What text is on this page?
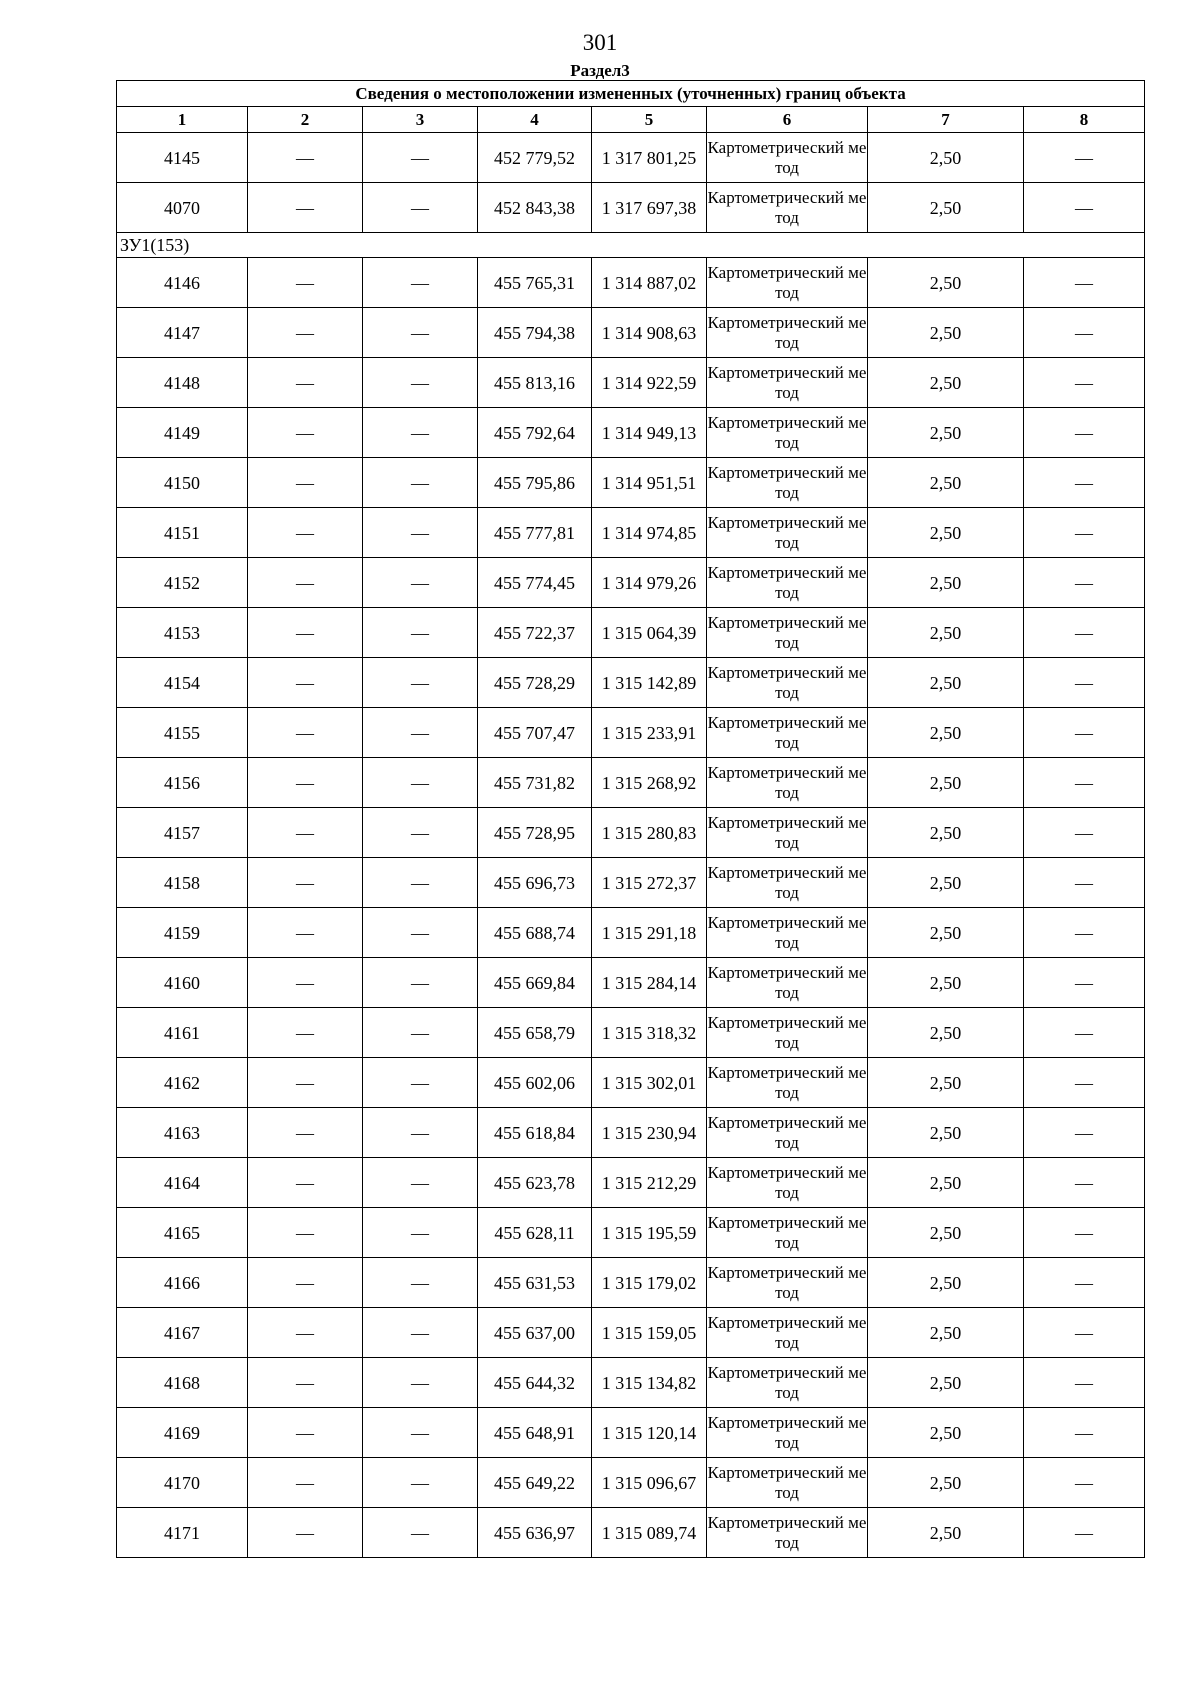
301
Раздел3
Сведения о местоположении измененных (уточненных) границ объекта							
1	2	3	4	5	6	7	8
4145	—	—	452 779,52	1 317 801,25	Картометрический метод	2,50	—
4070	—	—	452 843,38	1 317 697,38	Картометрический метод	2,50	—
ЗУ1(153)							
4146	—	—	455 765,31	1 314 887,02	Картометрический метод	2,50	—
4147	—	—	455 794,38	1 314 908,63	Картометрический метод	2,50	—
4148	—	—	455 813,16	1 314 922,59	Картометрический метод	2,50	—
4149	—	—	455 792,64	1 314 949,13	Картометрический метод	2,50	—
4150	—	—	455 795,86	1 314 951,51	Картометрический метод	2,50	—
4151	—	—	455 777,81	1 314 974,85	Картометрический метод	2,50	—
4152	—	—	455 774,45	1 314 979,26	Картометрический метод	2,50	—
4153	—	—	455 722,37	1 315 064,39	Картометрический метод	2,50	—
4154	—	—	455 728,29	1 315 142,89	Картометрический метод	2,50	—
4155	—	—	455 707,47	1 315 233,91	Картометрический метод	2,50	—
4156	—	—	455 731,82	1 315 268,92	Картометрический метод	2,50	—
4157	—	—	455 728,95	1 315 280,83	Картометрический метод	2,50	—
4158	—	—	455 696,73	1 315 272,37	Картометрический метод	2,50	—
4159	—	—	455 688,74	1 315 291,18	Картометрический метод	2,50	—
4160	—	—	455 669,84	1 315 284,14	Картометрический метод	2,50	—
4161	—	—	455 658,79	1 315 318,32	Картометрический метод	2,50	—
4162	—	—	455 602,06	1 315 302,01	Картометрический метод	2,50	—
4163	—	—	455 618,84	1 315 230,94	Картометрический метод	2,50	—
4164	—	—	455 623,78	1 315 212,29	Картометрический метод	2,50	—
4165	—	—	455 628,11	1 315 195,59	Картометрический метод	2,50	—
4166	—	—	455 631,53	1 315 179,02	Картометрический метод	2,50	—
4167	—	—	455 637,00	1 315 159,05	Картометрический метод	2,50	—
4168	—	—	455 644,32	1 315 134,82	Картометрический метод	2,50	—
4169	—	—	455 648,91	1 315 120,14	Картометрический метод	2,50	—
4170	—	—	455 649,22	1 315 096,67	Картометрический метод	2,50	—
4171	—	—	455 636,97	1 315 089,74	Картометрический метод	2,50	—
